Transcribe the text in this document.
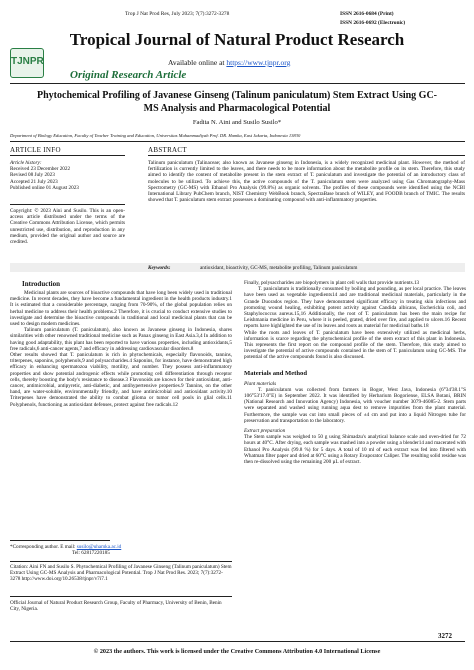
Trop J Nat Prod Res, July 2023; 7(7):3272-3278	ISSN 2616-0684 (Print)
ISSN 2616-0692 (Electronic)
TJNPR
Tropical Journal of Natural Product Research
Available online at https://www.tjnpr.org
Original Research Article
Phytochemical Profiling of Javanese Ginseng (Talinum paniculatum) Stem Extract Using GC-MS Analysis and Pharmacological Potential
Fadita N. Aini and Susilo Susilo*
Department of Biology Education, Faculty of Teacher Training and Education, Universitas Muhammadiyah Prof. DR. Hamka, East Jakarta, Indonesia 13830
ARTICLE INFO

Article history:

Received 23 December 2022

Revised 08 July 2023

Accepted 21 July 2023

Published online 01 August 2023

Copyright: © 2023 Aini and Susilo. This is an open-access article distributed under the terms of the Creative Commons Attribution License, which permits unrestricted use, distribution, and reproduction in any medium, provided the original author and source are credited.
ABSTRACT
Talinum paniculatum (Talinaceae; also known as Javanese ginseng in Indonesia, is a widely recognized medicinal plant. However, the method of fertilization is currently limited to the leaves, and there needs to be more information about the metabolite profile on its stem. Therefore, this study aimed to identify the content of metabolite present in the stem extract of T. paniculatum and investigate the potential of an introductory class of molecules to be utilized. To achieve this, the active compounds of the T. paniculatum stem were analyzed using Gas Chromatography-Mass Spectrometry (GC-MS) with Ethanol Pro Analysis (99.8%) as organic solvents. The profiles of these compounds were identified using the NCBI International Library PubChem branch, NIST Chemistry WebBook branch, SpectraBase branch of WILEY, and FOODB branch of TMIC. The results showed that T. paniculatum stem extract possesses a dominating compound with anti-inflammatory properties.
Keywords:	antioxidant, bioactivity, GC-MS, metabolite profiling, Talinum paniculatum
Introduction

Medicinal plants are sources of bioactive compounds that have long been widely used in traditional medicine. In recent decades, they have become a fundamental ingredient in the health products industry.1 It is estimated that a considerable percentage, ranging from 70-90%, of the global population relies on herbal medicine to address their health problems.2 Therefore, it is crucial to conduct extensive studies to investigate and determine the bioactive compounds in traditional and local medicinal plants that can be used to design modern medicines.

Talinum paniculatum (T. paniculatum), also known as Javanese ginseng in Indonesia, shares similarities with other renowned traditional medicine such as Panax ginseng in East Asia.3,4 In addition to having good adaptability, this plant has been reported to have various properties, including antioxidants,5 free radicals,6 anti-cancer agents,7 and efficacy in addressing cardiovascular disorders.8

Other results showed that T. paniculatum is rich in phytochemicals, especially flavonoids, tannins, triterpenes, saponins, polyphenols,9 and polysaccharides.4 Saponins, for instance, have demonstrated high efficacy in enhancing spermatozoa viability, motility, and number. They possess anti-inflammatory properties and show potential androgenic effects while promoting cell differentiation through receptor cells, thereby boosting the body's resistance to disease.3 Flavonoids are known for their antioxidant, anti-cancer, antimicrobial, antipyretic, anti-diabetic, and antihypertensive properties.9 Tannins, on the other hand, are water-soluble, environmentally friendly, and have antimicrobial and antioxidant activity.10 Triterpenes have demonstrated the ability to combat glioma or tumor cell pools in glial cells.11 Polyphenols, functioning as antioxidant defenses, protect against free radicals.12

*Corresponding author. E mail: susilo@uhamka.ac.id

Tel: 62817220185

Citation: Aini FN and Susilo S. Phytochemical Profiling of Javanese Ginseng (Talinum paniculatum) Stem Extract Using GC-MS Analysis and Pharmacological Potential. Trop J Nat Prod Res. 2023; 7(7):3272-3278 http://www.doi.org/10.26538/tjnpr/v7i7.1
Official Journal of Natural Product Research Group, Faculty of Pharmacy, University of Benin, Benin City, Nigeria.

Finally, polysaccharides are biopolymers in plant cell walls that provide nutrients.13

T. paniculatum is traditionally consumed by boiling and pounding, as per local practice. The leaves have been used as vegetable ingredients14 and are traditional medicinal materials, particularly in the Grande Duorados region. They have demonstrated significant efficacy in treating skin infections and promoting wound healing, exhibiting potent activity against Candida albicans, Escherichia coli, and Staphylococcus aureus.15,16 Additionally, the root of T. paniculatum has been the main recipe for Leishmania medicine in Peru, where it is peeled, grated, dried over fire, and applied to ulcers.16 Recent reports have highlighted the use of its leaves and roots as material for medicinal baths.18

While the roots and leaves of T. paniculatum have been extensively utilized as medicinal herbs, information is scarce regarding the phytochemical profile of the stem extract of this plant in Indonesia. This represents the first report on the compound profile of the stem. Therefore, this study aimed to investigate the potential of active compounds contained in the stem of T. paniculatum using GC-MS. The potential of the active compounds found is also discussed.

Materials and Method

Plant materials

T. paniculatum was collected from farmers in Bogor, West Java, Indonesia (6°34'38.1"S 106°53'17.0"E) in September 2022. It was identified by Herbarium Bogoriense, ELSA Botani, BRIN (National Research and Innovation Agency) Indonesia, with voucher number 3079-46085-2. Stem parts were separated and washed using running aqua dest to remove impurities from the plant material. Furthermore, the sample was cut into small pieces of ±4 cm and put into a liquid Nitrogen tube for preservation and transportation to the laboratory.

Extract preparation

The Stem sample was weighed to 50 g using Shimadzu's analytical balance scale and oven-dried for 72 hours at 40°C. After drying, each sample was mashed into a powder using a blender14 and macerated with Ethanol Pro Analysis (99.8 %) for 5 days. A total of 10 ml of each extract was fed into filtered with Whatman filter paper and dried at 60°C using a Rotary Evaporator Caliper. The resulting solid residue was then re-dissolved using the remaining 200 µL of extract.

3272
© 2023 the authors. This work is licensed under the Creative Commons Attribution 4.0 International License
